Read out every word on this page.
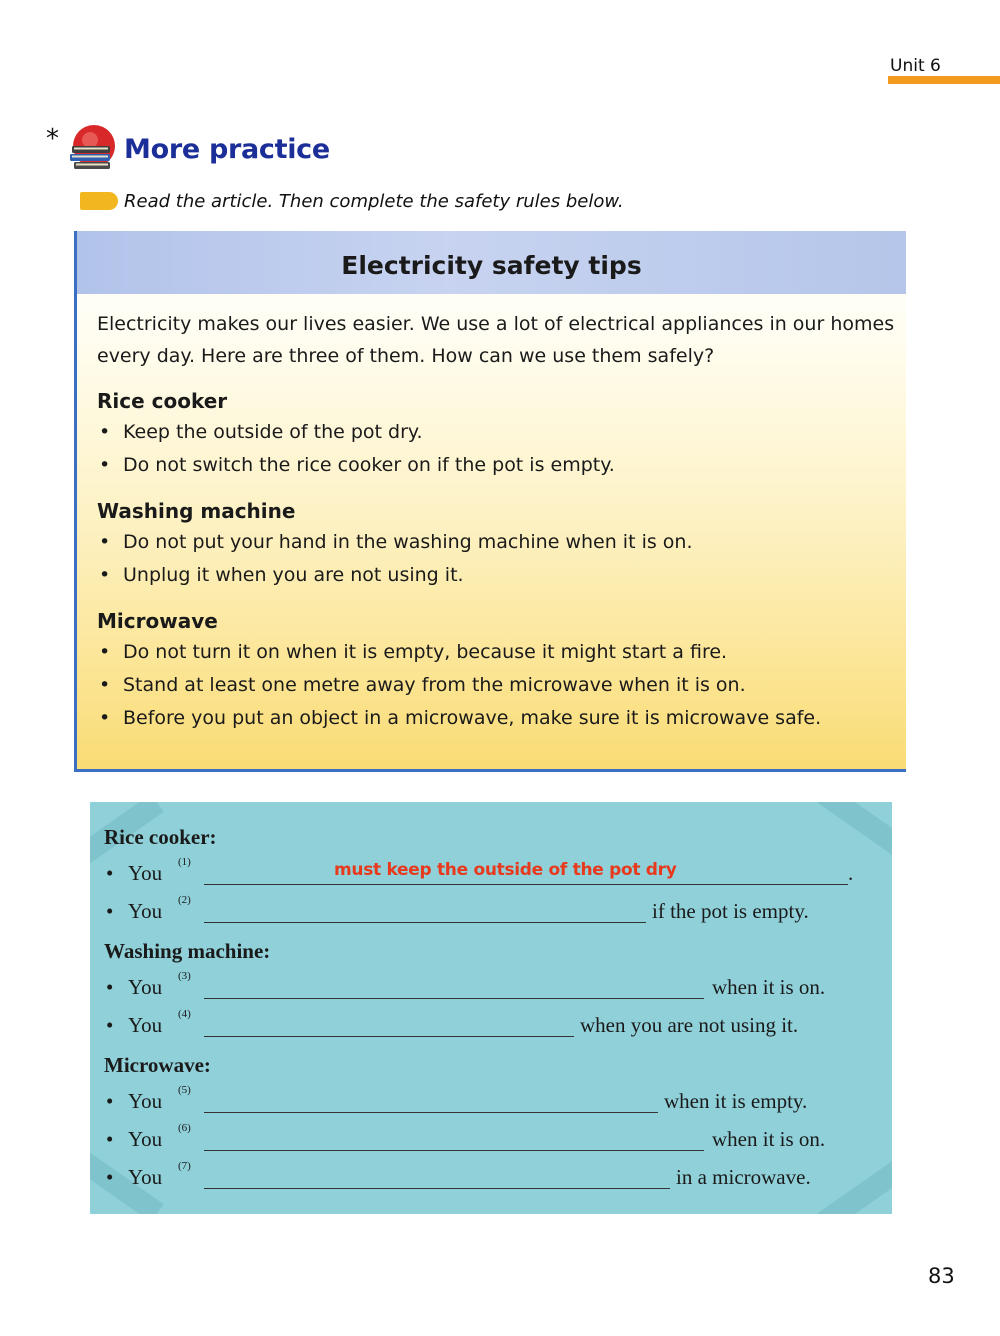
Unit 6
* More practice
Read the article. Then complete the safety rules below.
Electricity safety tips

Electricity makes our lives easier. We use a lot of electrical appliances in our homes every day. Here are three of them. How can we use them safely?

Rice cooker
• Keep the outside of the pot dry.
• Do not switch the rice cooker on if the pot is empty.
Washing machine
• Do not put your hand in the washing machine when it is on.
• Unplug it when you are not using it.
Microwave
• Do not turn it on when it is empty, because it might start a fire.
• Stand at least one metre away from the microwave when it is on.
• Before you put an object in a microwave, make sure it is microwave safe.
Rice cooker:
• You (1)	must keep the outside of the pot dry	.
• You (2)	if the pot is empty.
Washing machine:
• You (3)	when it is on.
• You (4)	when you are not using it.
Microwave:
• You (5)	when it is empty.
• You (6)	when it is on.
• You (7)	in a microwave.
83
